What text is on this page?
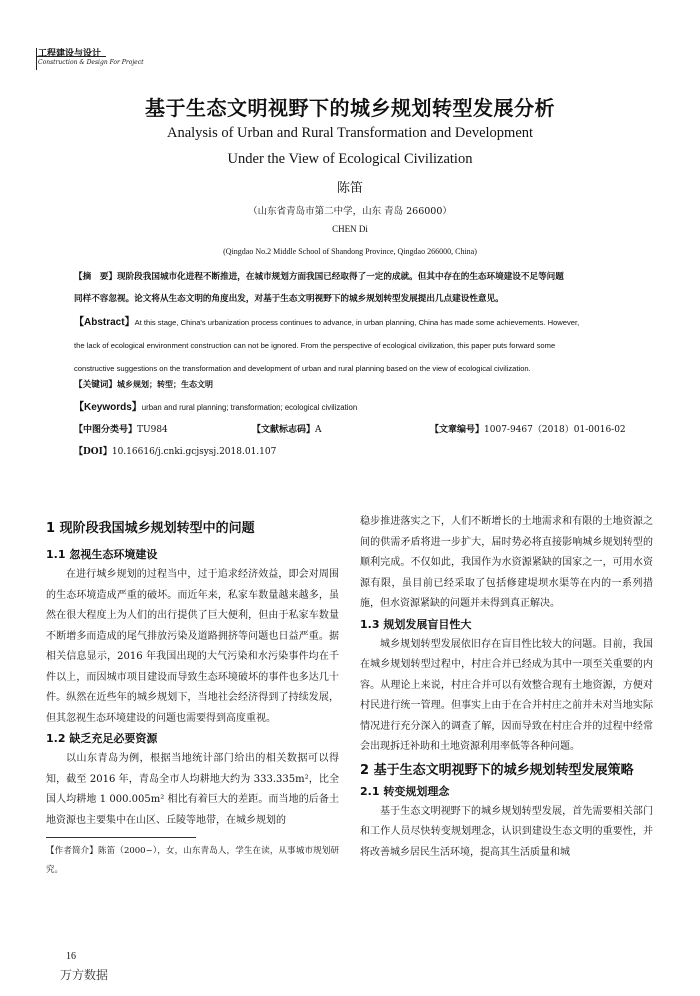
工程建设与设计
Construction & Design For Project
基于生态文明视野下的城乡规划转型发展分析
Analysis of Urban and Rural Transformation and Development
Under the View of Ecological Civilization
陈笛
（山东省青岛市第二中学，山东 青岛 266000）
CHEN Di
(Qingdao No.2 Middle School of Shandong Province, Qingdao 266000, China)
【摘　要】现阶段我国城市化进程不断推进，在城市规划方面我国已经取得了一定的成就。但其中存在的生态环境建设不足等问题
同样不容忽视。论文将从生态文明的角度出发，对基于生态文明视野下的城乡规划转型发展提出几点建设性意见。
【Abstract】At this stage, China's urbanization process continues to advance, in urban planning, China has made some achievements. However,
the lack of ecological environment construction can not be ignored. From the perspective of ecological civilization, this paper puts forward some
constructive suggestions on the transformation and development of urban and rural planning based on the view of ecological civilization.
【关键词】城乡规划；转型；生态文明
【Keywords】urban and rural planning; transformation; ecological civilization
【中图分类号】TU984	【文献标志码】A	【文章编号】1007-9467（2018）01-0016-02
【DOI】10.16616/j.cnki.gcjsysj.2018.01.107
1 现阶段我国城乡规划转型中的问题
1.1 忽视生态环境建设

在进行城乡规划的过程当中，过于追求经济效益，即会对周围的生态环境造成严重的破坏。而近年来，私家车数量越来越多，虽然在很大程度上为人们的出行提供了巨大便利，但由于私家车数量不断增多而造成的尾气排放污染及道路拥挤等问题也日益严重。据相关信息显示，2016 年我国出现的大气污染和水污染事件均在千件以上，而因城市项目建设而导致生态环境破坏的事件也多达几十件。纵然在近些年的城乡规划下，当地社会经济得到了持续发展，但其忽视生态环境建设的问题也需要得到高度重视。

1.2 缺乏充足必要资源

以山东青岛为例，根据当地统计部门给出的相关数据可以得知，截至 2016 年，青岛全市人均耕地大约为 333.335m²，比全国人均耕地 1 000.005m² 相比有着巨大的差距。而当地的后备土地资源也主要集中在山区、丘陵等地带，在城乡规划的

【作者简介】陈笛（2000~），女，山东青岛人，学生在读，从事城市规划研究。

稳步推进落实之下，人们不断增长的土地需求和有限的土地资源之间的供需矛盾将进一步扩大，届时势必将直接影响城乡规划转型的顺利完成。不仅如此，我国作为水资源紧缺的国家之一，可用水资源有限，虽目前已经采取了包括修建堤坝水渠等在内的一系列措施，但水资源紧缺的问题并未得到真正解决。

1.3 规划发展盲目性大

城乡规划转型发展依旧存在盲目性比较大的问题。目前，我国在城乡规划转型过程中，村庄合并已经成为其中一项至关重要的内容。从理论上来说，村庄合并可以有效整合现有土地资源，方便对村民进行统一管理。但事实上由于在合并村庄之前并未对当地实际情况进行充分深入的调查了解，因而导致在村庄合并的过程中经常会出现拆迁补助和土地资源利用率低等各种问题。

2 基于生态文明视野下的城乡规划转型发展策略
2.1 转变规划理念

基于生态文明视野下的城乡规划转型发展，首先需要相关部门和工作人员尽快转变规划理念，认识到建设生态文明的重要性，并将改善城乡居民生活环境，提高其生活质量和城

16
万方数据
